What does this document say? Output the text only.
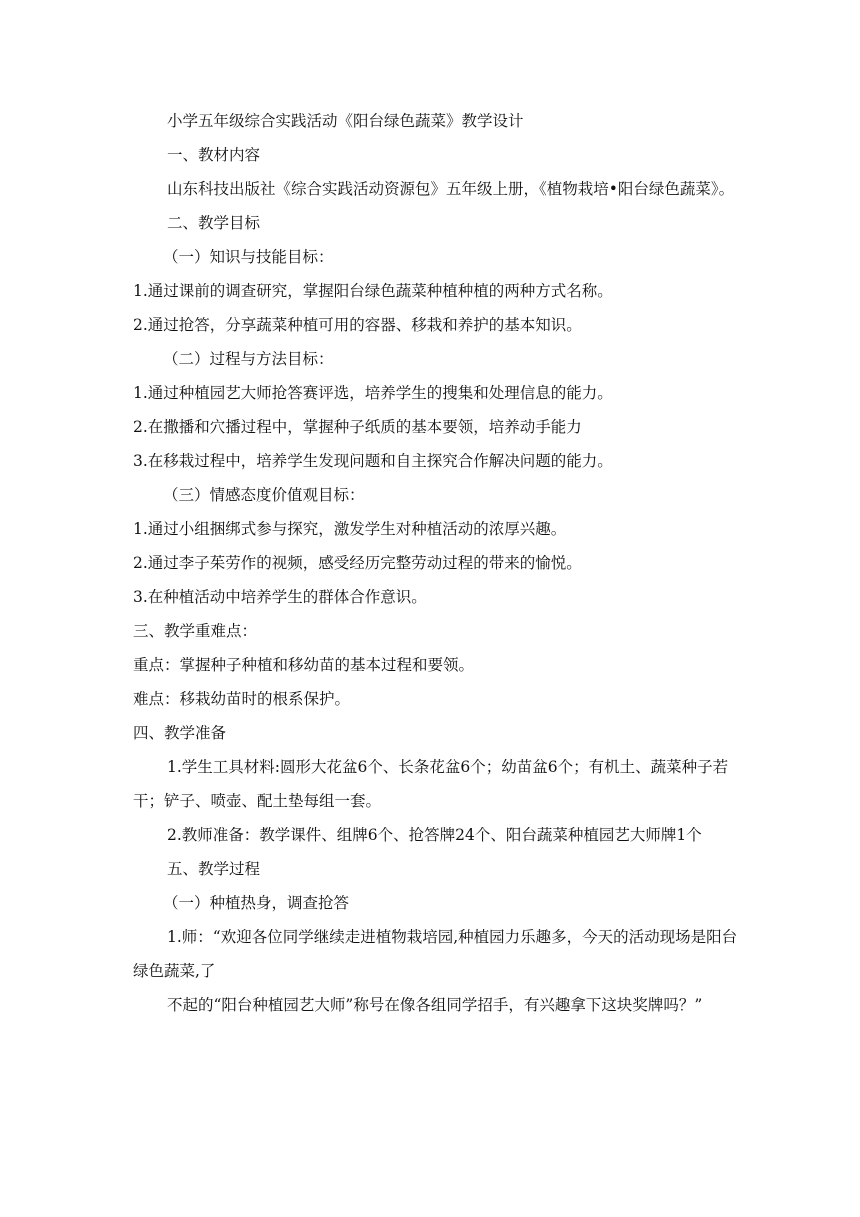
小学五年级综合实践活动《阳台绿色蔬菜》教学设计

一、教材内容

山东科技出版社《综合实践活动资源包》五年级上册，《植物栽培•阳台绿色蔬菜》。

二、教学目标

（一）知识与技能目标：

1.通过课前的调查研究，掌握阳台绿色蔬菜种植种植的两种方式名称。

2.通过抢答，分享蔬菜种植可用的容器、移栽和养护的基本知识。

（二）过程与方法目标：

1.通过种植园艺大师抢答赛评选，培养学生的搜集和处理信息的能力。

2.在撒播和穴播过程中，掌握种子纸质的基本要领，培养动手能力

3.在移栽过程中，培养学生发现问题和自主探究合作解决问题的能力。

（三）情感态度价值观目标：

1.通过小组捆绑式参与探究，激发学生对种植活动的浓厚兴趣。

2.通过李子茱劳作的视频，感受经历完整劳动过程的带来的愉悦。

3.在种植活动中培养学生的群体合作意识。

三、教学重难点：

重点：掌握种子种植和移幼苗的基本过程和要领。

难点：移栽幼苗时的根系保护。

四、教学准备

1.学生工具材料:圆形大花盆6个、长条花盆6个；幼苗盆6个；有机土、蔬菜种子若干；铲子、喷壶、配土垫每组一套。

2.教师准备：教学课件、组牌6个、抢答牌24个、阳台蔬菜种植园艺大师牌1个

五、教学过程

（一）种植热身，调查抢答

1.师：“欢迎各位同学继续走进植物栽培园,种植园力乐趣多，今天的活动现场是阳台绿色蔬菜,了

不起的“阳台种植园艺大师”称号在像各组同学招手，有兴趣拿下这块奖牌吗？”
